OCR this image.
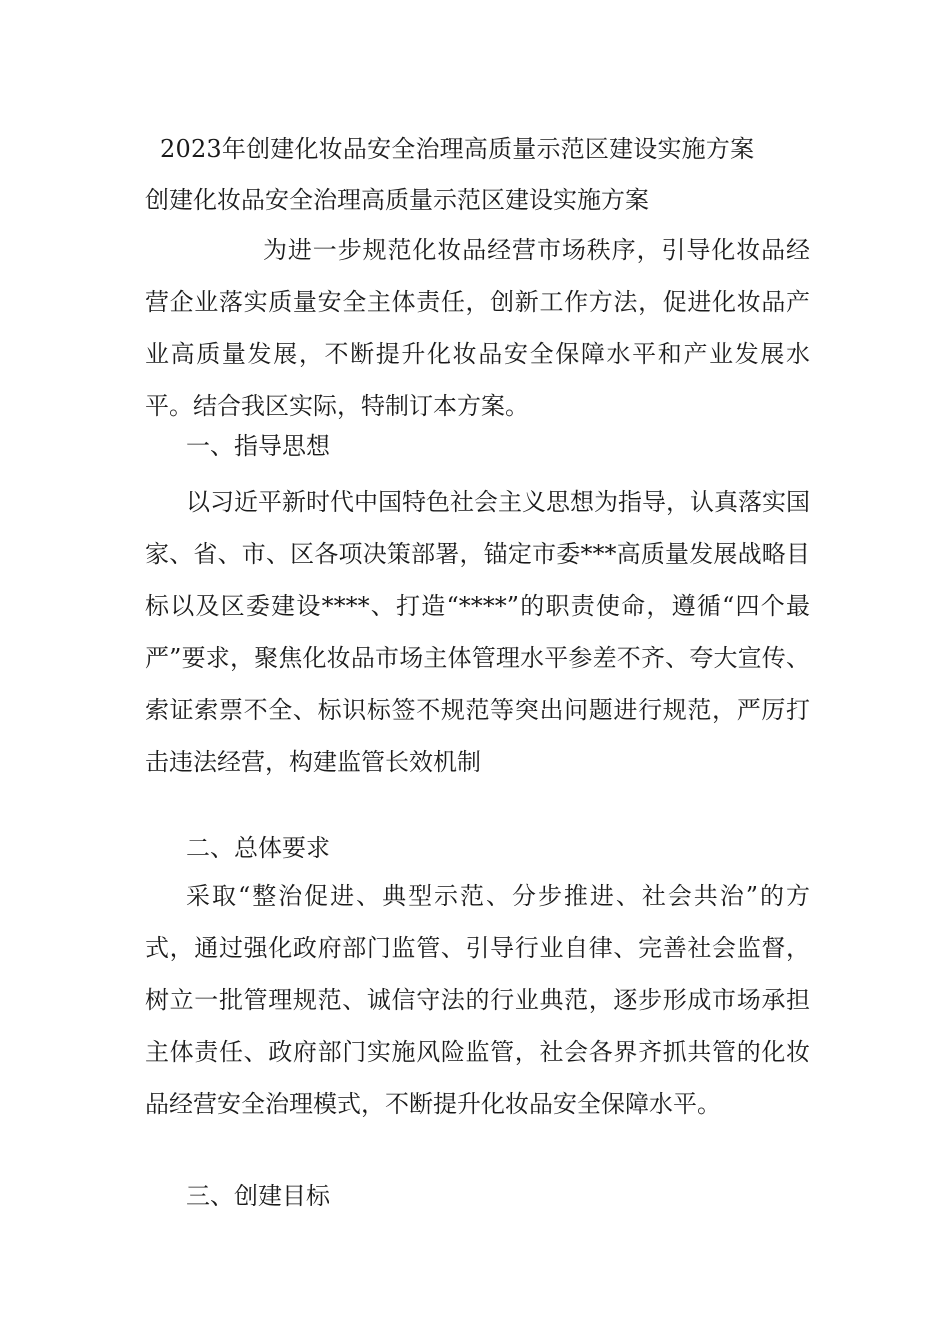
2023年创建化妆品安全治理高质量示范区建设实施方案
创建化妆品安全治理高质量示范区建设实施方案

为进一步规范化妆品经营市场秩序，引导化妆品经营企业落实质量安全主体责任，创新工作方法，促进化妆品产业高质量发展，不断提升化妆品安全保障水平和产业发展水平。结合我区实际，特制订本方案。

一、指导思想

以习近平新时代中国特色社会主义思想为指导，认真落实国家、省、市、区各项决策部署，锚定市委***高质量发展战略目标以及区委建设****、打造“****”的职责使命，遵循“四个最严”要求，聚焦化妆品市场主体管理水平参差不齐、夸大宣传、索证索票不全、标识标签不规范等突出问题进行规范，严厉打击违法经营，构建监管长效机制

二、总体要求

采取“整治促进、典型示范、分步推进、社会共治”的方式，通过强化政府部门监管、引导行业自律、完善社会监督，树立一批管理规范、诚信守法的行业典范，逐步形成市场承担主体责任、政府部门实施风险监管，社会各界齐抓共管的化妆品经营安全治理模式，不断提升化妆品安全保障水平。

三、创建目标
